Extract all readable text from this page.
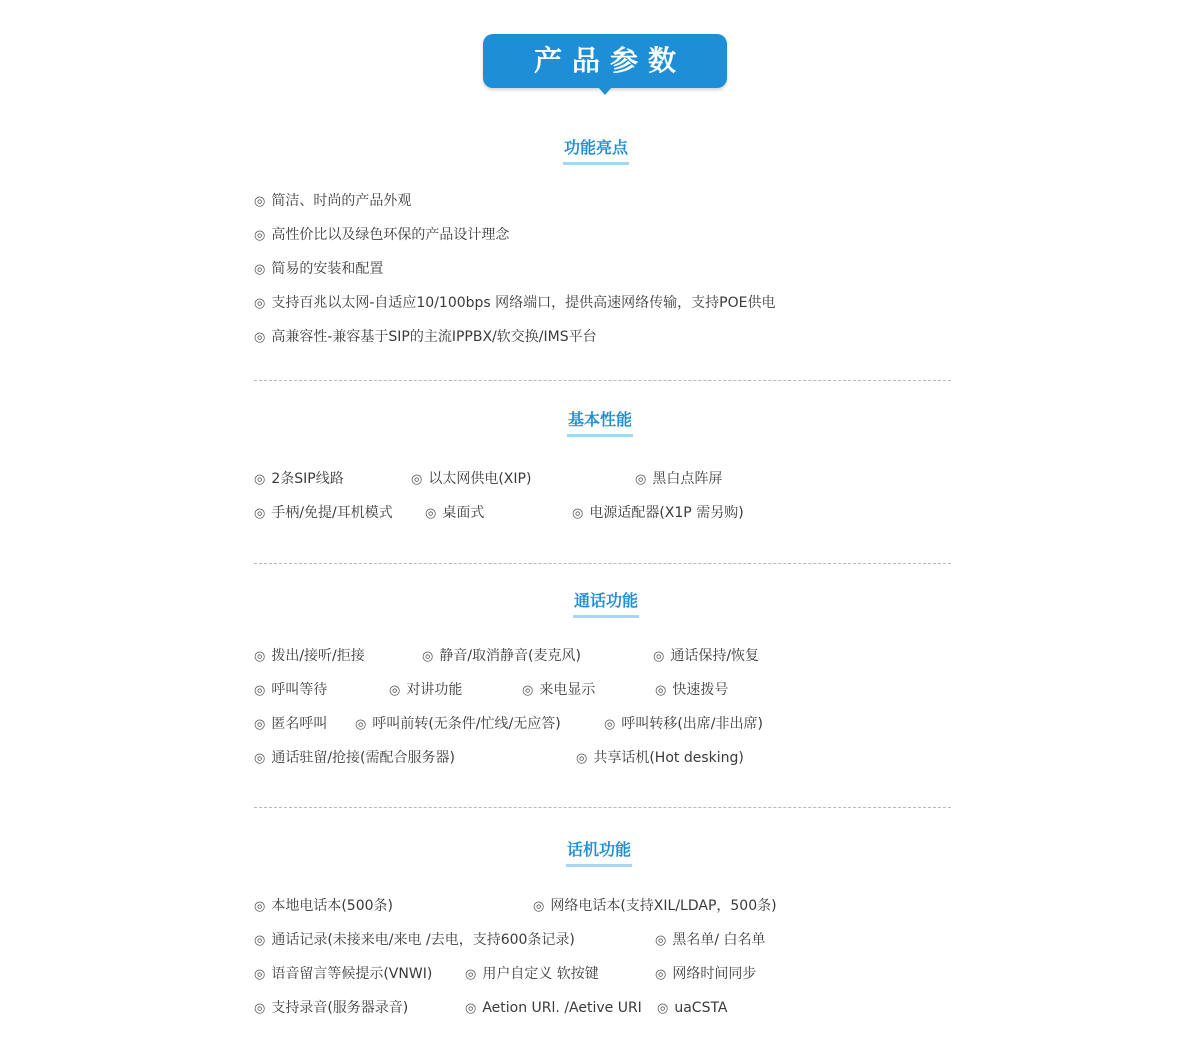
产品参数
功能亮点
◎ 简洁、时尚的产品外观
◎ 高性价比以及绿色环保的产品设计理念
◎ 简易的安装和配置
◎ 支持百兆以太网-自适应10/100bps 网络端口，提供高速网络传输，支持POE供电
◎ 高兼容性-兼容基于SIP的主流IPPBX/软交换/IMS平台
基本性能
◎ 2条SIP线路	◎ 以太网供电(XIP)	◎ 黑白点阵屏
◎ 手柄/免提/耳机模式 ◎ 桌面式	◎ 电源适配器(X1P 需另购)
通话功能
◎ 拨出/接听/拒接	◎ 静音/取消静音(麦克风)	◎ 通话保持/恢复
◎ 呼叫等待	◎ 对讲功能	◎ 来电显示	◎ 快速拨号
◎ 匿名呼叫 ◎ 呼叫前转(无条件/忙线/无应答)	◎ 呼叫转移(出席/非出席)
◎ 通话驻留/抢接(需配合服务器)	◎ 共享话机(Hot desking)
话机功能
◎ 本地电话本(500条)	◎ 网络电话本(支持XIL/LDAP，500条)
◎ 通话记录(未接来电/来电 /去电，支持600条记录)	◎ 黑名单/ 白名单
◎ 语音留言等候提示(VNWI)	◎ 用户自定义 软按键	◎ 网络时间同步
◎ 支持录音(服务器录音)	◎ Aetion URl. /Aetive URI ◎ uaCSTA
